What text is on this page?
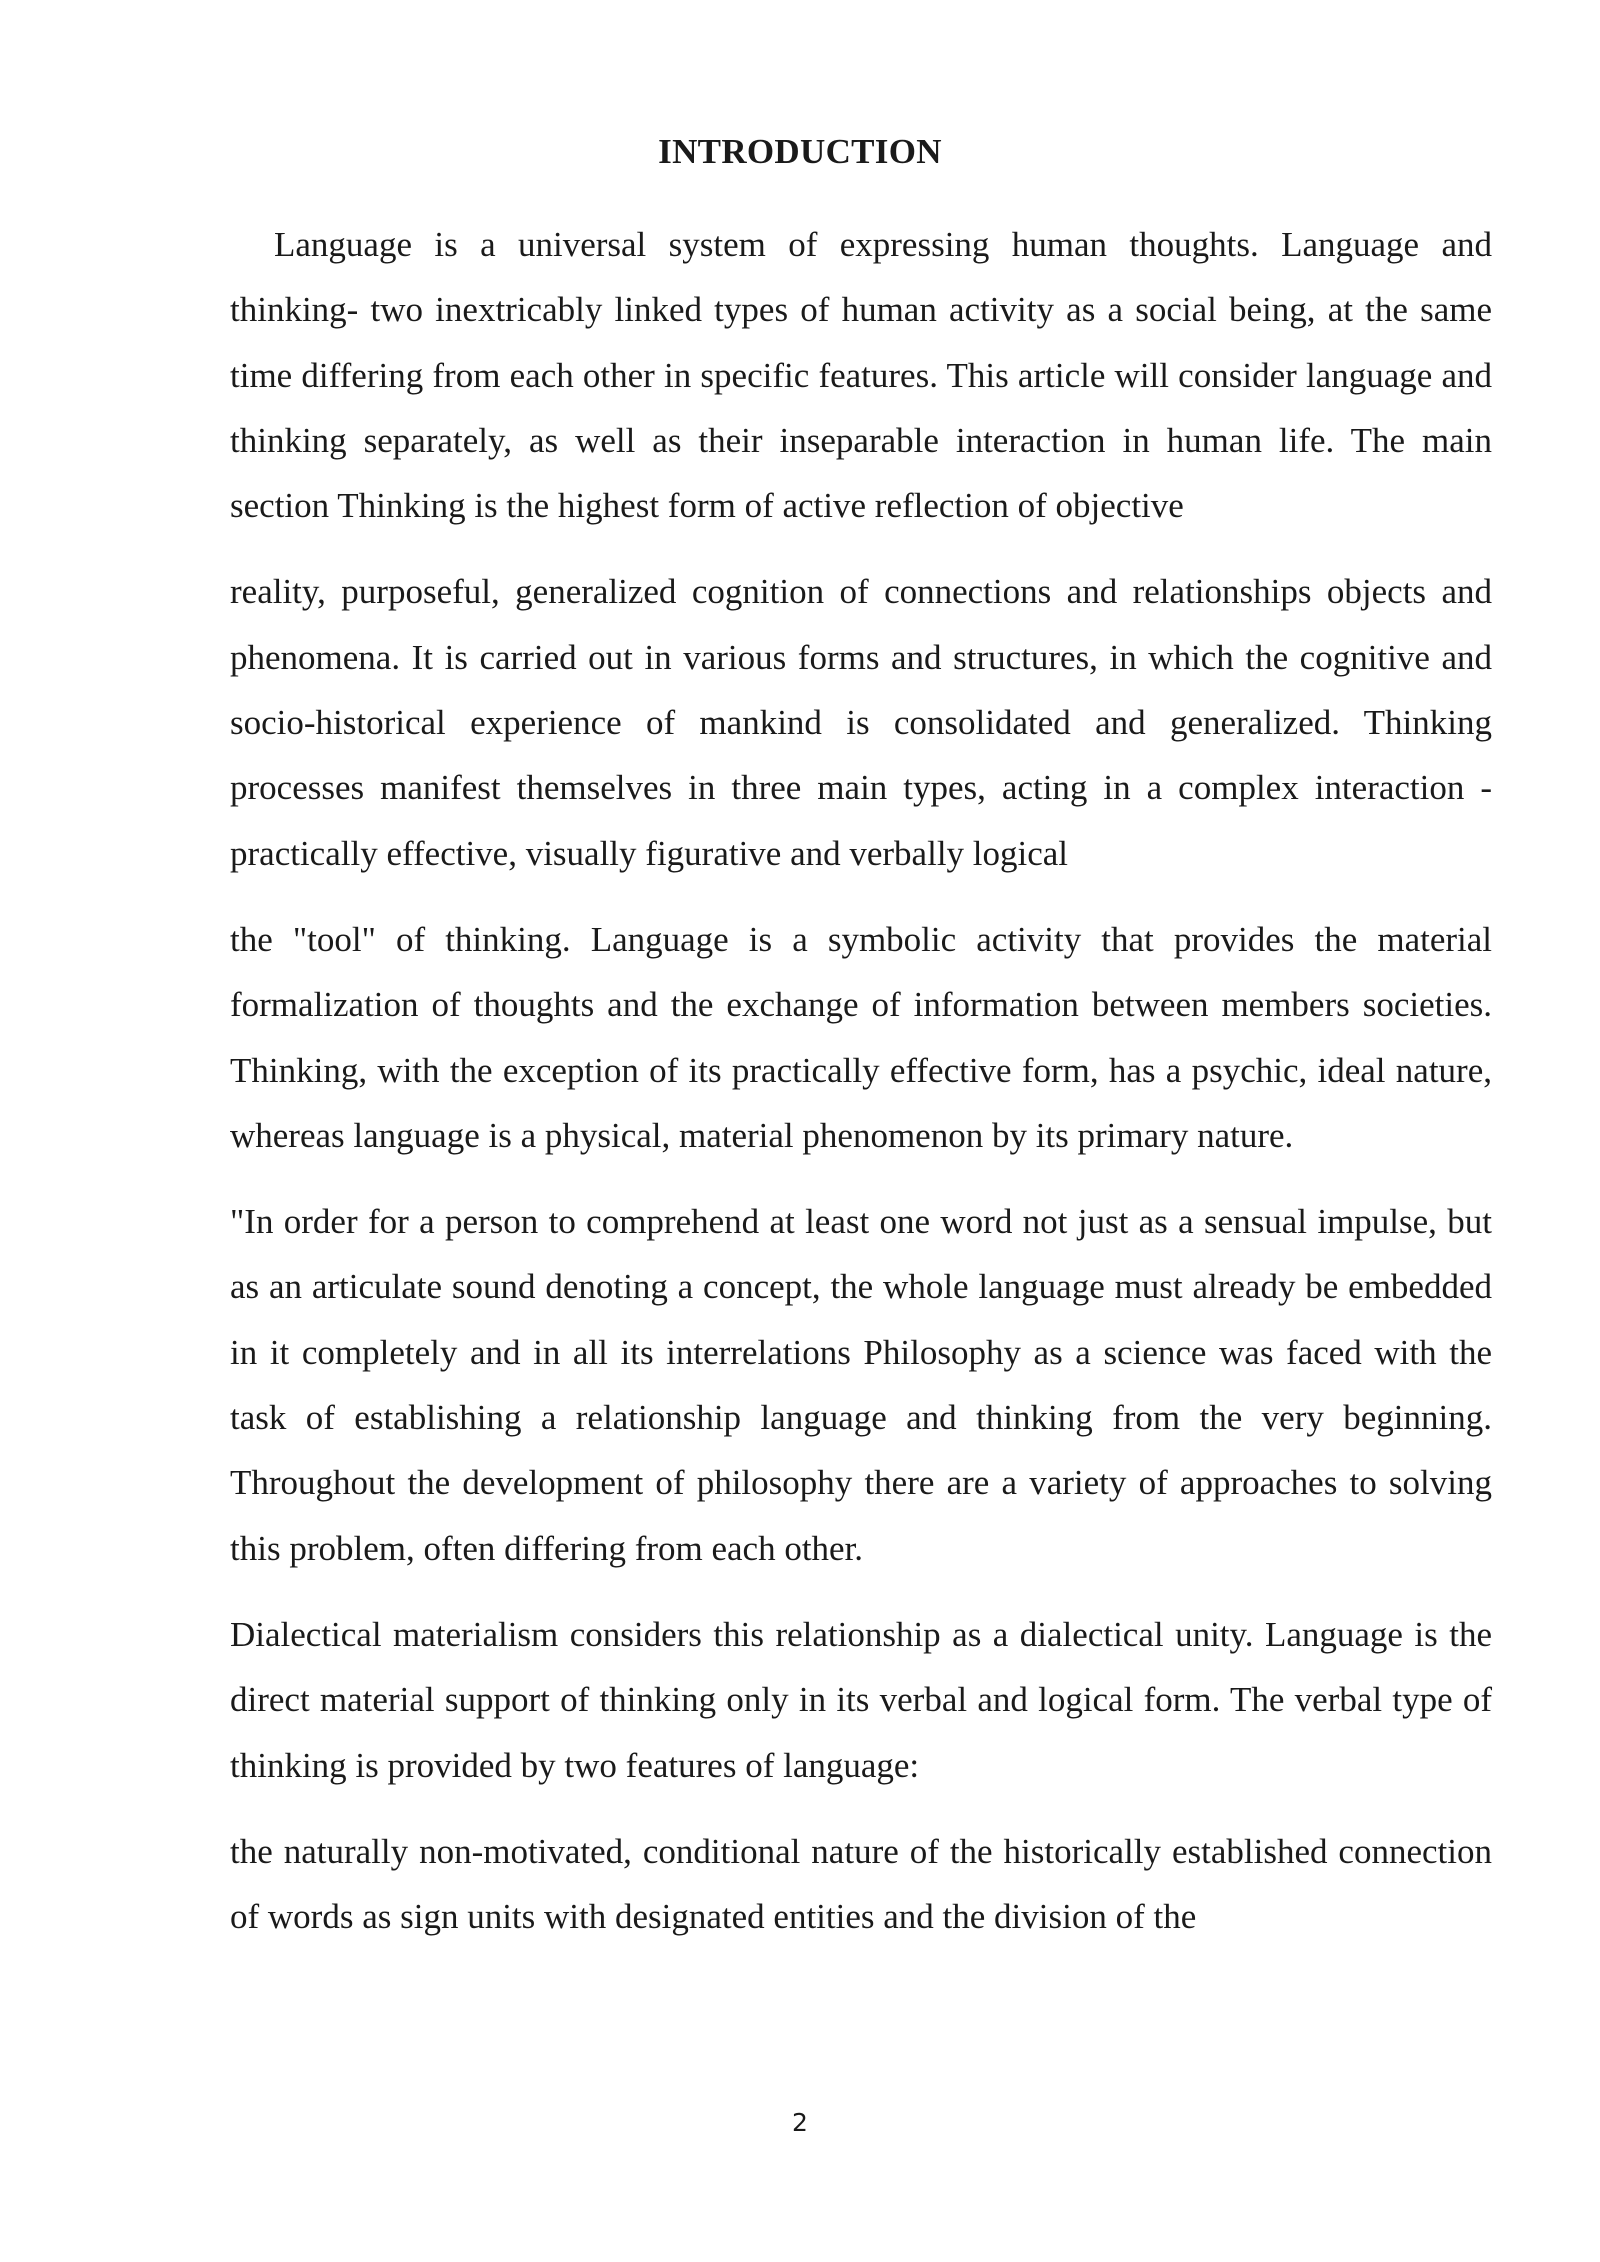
INTRODUCTION

Language is a universal system of expressing human thoughts. Language and thinking- two inextricably linked types of human activity as a social being, at the same time differing from each other in specific features. This article will consider language and thinking separately, as well as their inseparable interaction in human life. The main section Thinking is the highest form of active reflection of objective

reality, purposeful, generalized cognition of connections and relationships objects and phenomena. It is carried out in various forms and structures, in which the cognitive and socio-historical experience of mankind is consolidated and generalized. Thinking processes manifest themselves in three main types, acting in a complex interaction - practically effective, visually figurative and verbally logical

the "tool" of thinking. Language is a symbolic activity that provides the material formalization of thoughts and the exchange of information between members societies. Thinking, with the exception of its practically effective form, has a psychic, ideal nature, whereas language is a physical, material phenomenon by its primary nature.

"In order for a person to comprehend at least one word not just as a sensual impulse, but as an articulate sound denoting a concept, the whole language must already be embedded in it completely and in all its interrelations Philosophy as a science was faced with the task of establishing a relationship language and thinking from the very beginning. Throughout the development of philosophy there are a variety of approaches to solving this problem, often differing from each other.

Dialectical materialism considers this relationship as a dialectical unity. Language is the direct material support of thinking only in its verbal and logical form. The verbal type of thinking is provided by two features of language:

the naturally non-motivated, conditional nature of the historically established connection of words as sign units with designated entities and the division of the

2
